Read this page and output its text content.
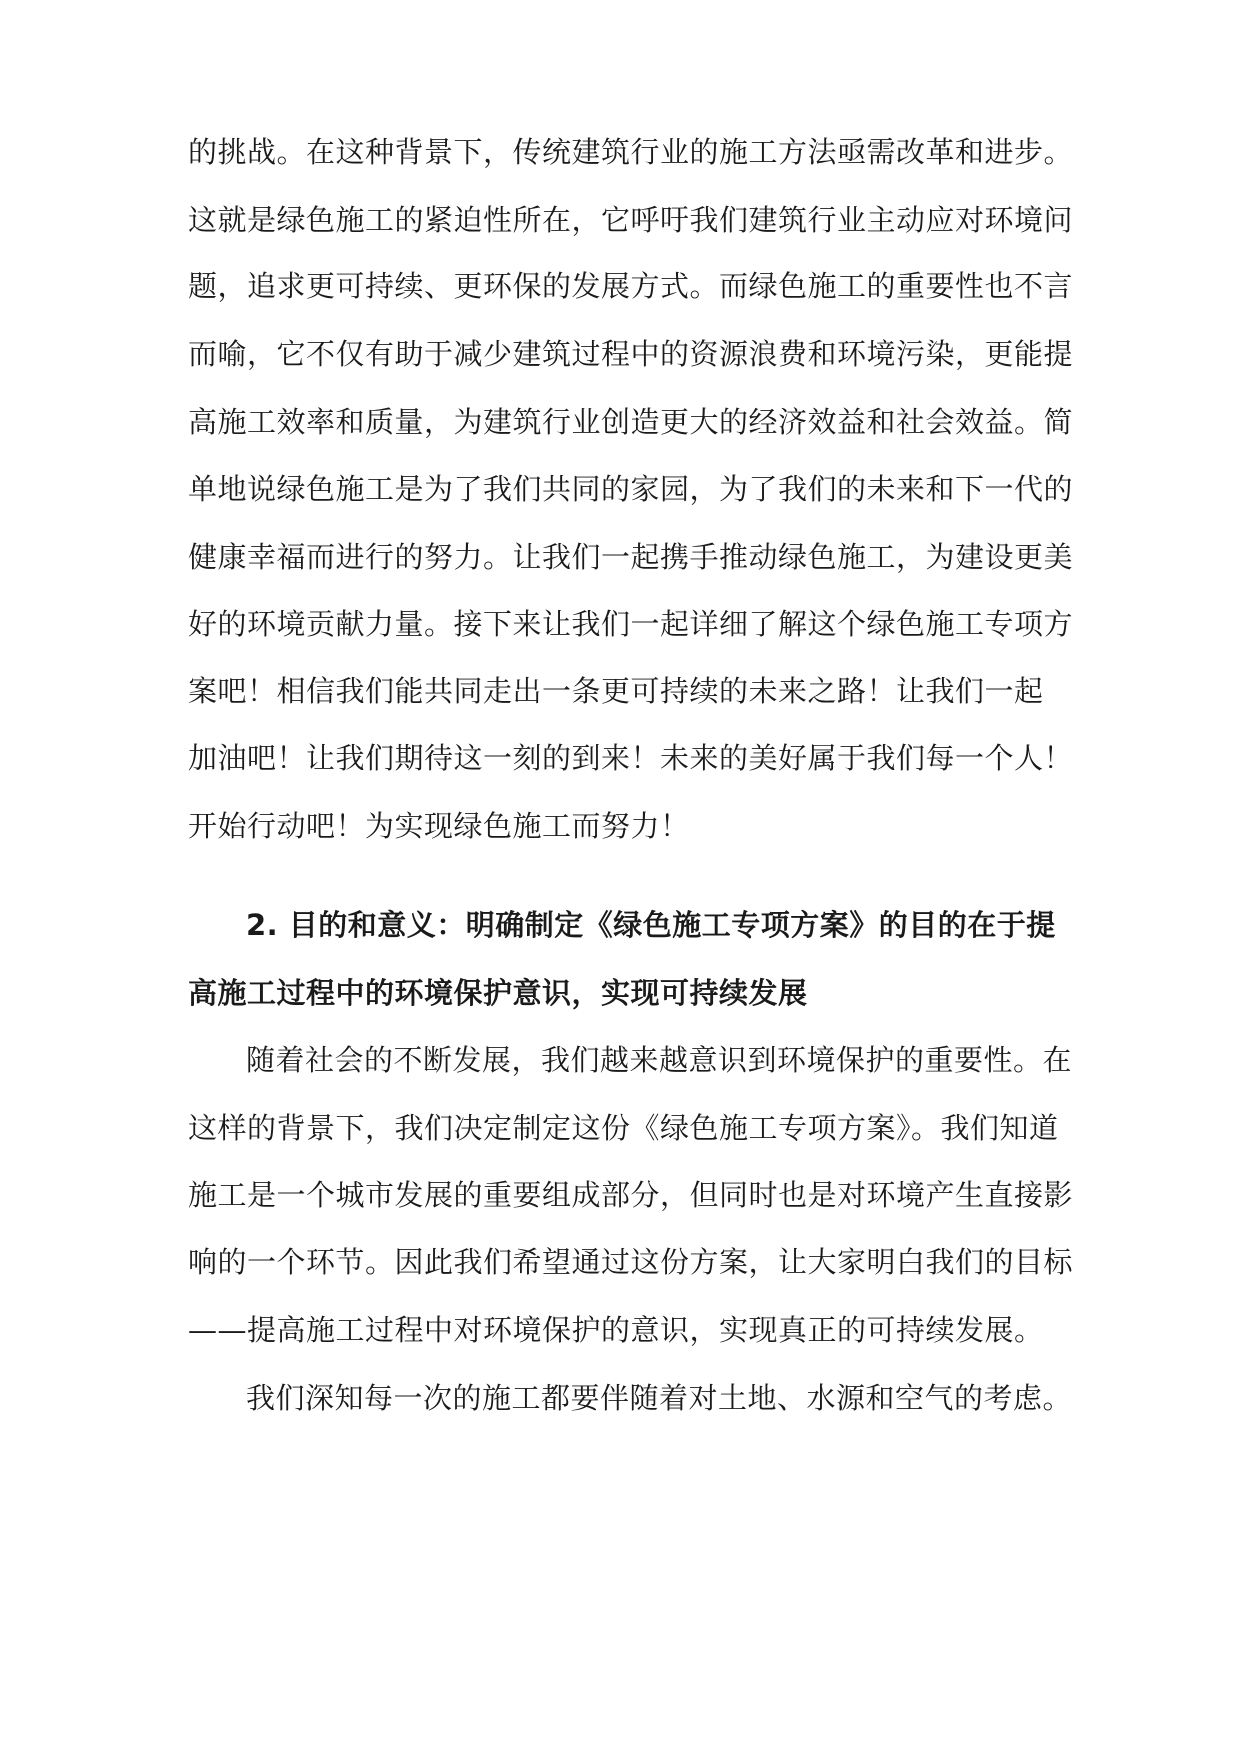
的挑战。在这种背景下，传统建筑行业的施工方法亟需改革和进步。
这就是绿色施工的紧迫性所在，它呼吁我们建筑行业主动应对环境问
题，追求更可持续、更环保的发展方式。而绿色施工的重要性也不言
而喻，它不仅有助于减少建筑过程中的资源浪费和环境污染，更能提
高施工效率和质量，为建筑行业创造更大的经济效益和社会效益。简
单地说绿色施工是为了我们共同的家园，为了我们的未来和下一代的
健康幸福而进行的努力。让我们一起携手推动绿色施工，为建设更美
好的环境贡献力量。接下来让我们一起详细了解这个绿色施工专项方
案吧！相信我们能共同走出一条更可持续的未来之路！让我们一起
加油吧！让我们期待这一刻的到来！未来的美好属于我们每一个人！
开始行动吧！为实现绿色施工而努力！
2. 目的和意义：明确制定《绿色施工专项方案》的目的在于提
高施工过程中的环境保护意识，实现可持续发展
随着社会的不断发展，我们越来越意识到环境保护的重要性。在
这样的背景下，我们决定制定这份《绿色施工专项方案》。我们知道
施工是一个城市发展的重要组成部分，但同时也是对环境产生直接影
响的一个环节。因此我们希望通过这份方案，让大家明白我们的目标
——提高施工过程中对环境保护的意识，实现真正的可持续发展。
我们深知每一次的施工都要伴随着对土地、水源和空气的考虑。
